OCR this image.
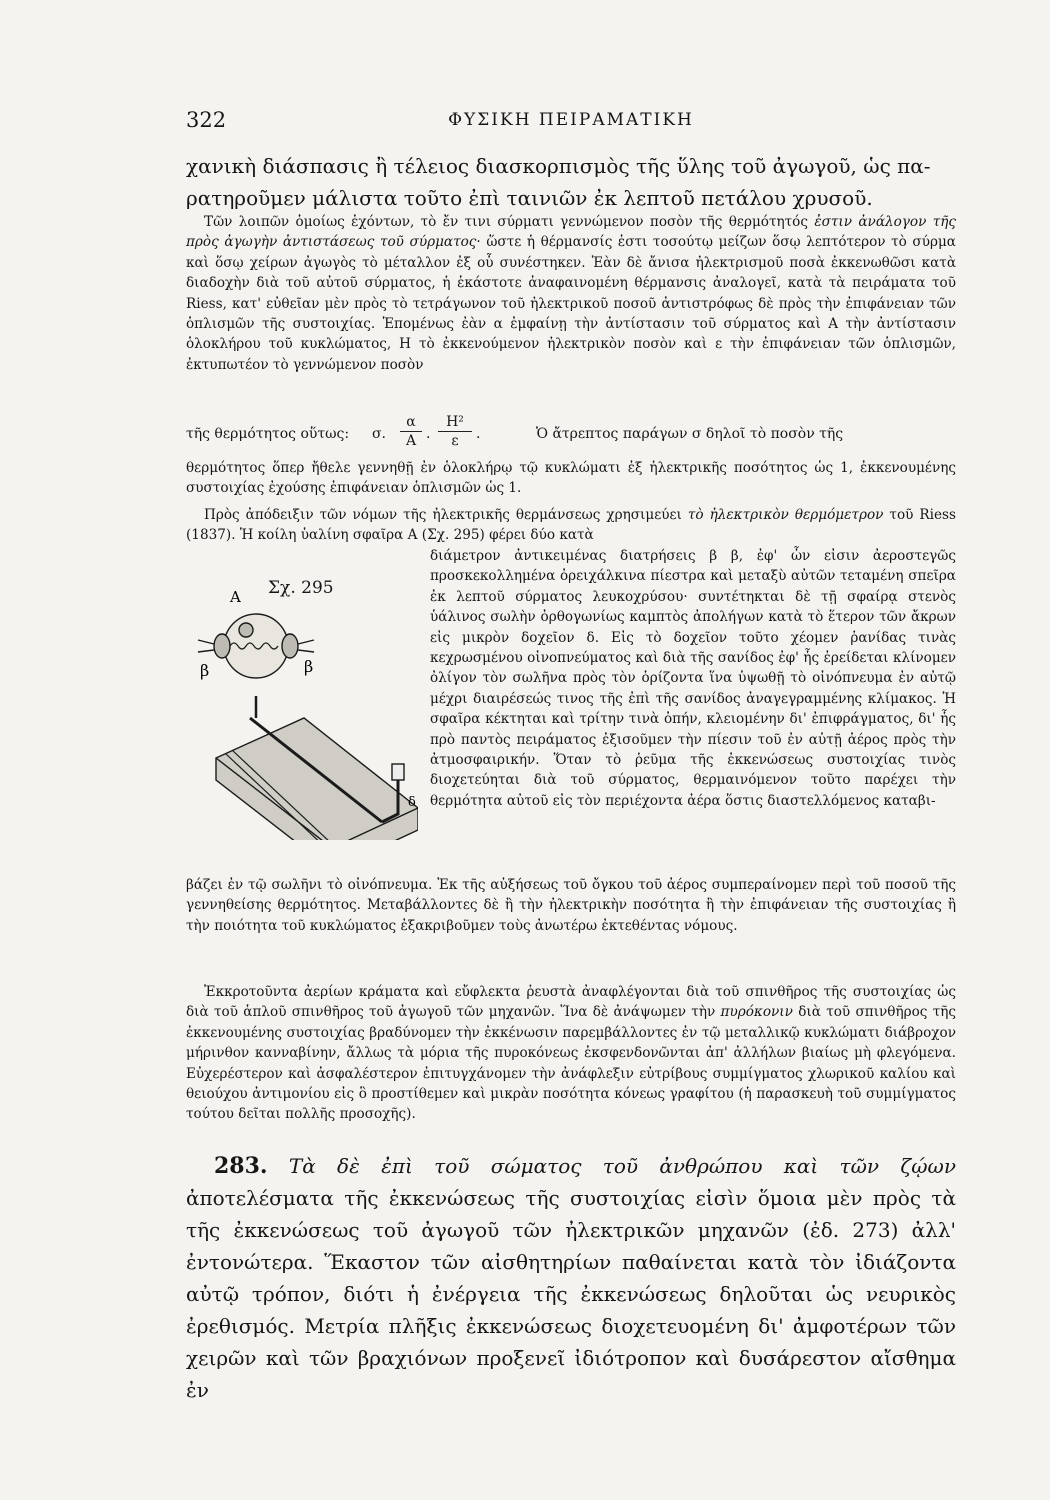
322	ΦΥΣΙΚΗ ΠΕΙΡΑΜΑΤΙΚΗ

χανικὴ διάσπασις ἢ τέλειος διασκορπισμὸς τῆς ὕλης τοῦ ἀγωγοῦ, ὡς πα-

ρατηροῦμεν μάλιστα τοῦτο ἐπὶ ταινιῶν ἐκ λεπτοῦ πετάλου χρυσοῦ.

Τῶν λοιπῶν ὁμοίως ἐχόντων, τὸ ἔν τινι σύρματι γεννώμενον ποσὸν τῆς θερμότητός ἐστιν ἀνάλογον τῆς πρὸς ἀγωγὴν ἀντιστάσεως τοῦ σύρματος· ὥστε ἡ θέρμανσίς ἐστι τοσούτῳ μείζων ὅσῳ λεπτότερον τὸ σύρμα καὶ ὅσῳ χείρων ἀγωγὸς τὸ μέταλλον ἐξ οὗ συνέστηκεν. Ἐὰν δὲ ἄνισα ἠλεκτρισμοῦ ποσὰ ἐκκενωθῶσι κατὰ διαδοχὴν διὰ τοῦ αὐτοῦ σύρματος, ἡ ἑκάστοτε ἀναφαινομένη θέρμανσις ἀναλογεῖ, κατὰ τὰ πειράματα τοῦ Riess, κατ' εὐθεῖαν μὲν πρὸς τὸ τετράγωνον τοῦ ἠλεκτρικοῦ ποσοῦ ἀντιστρόφως δὲ πρὸς τὴν ἐπιφάνειαν τῶν ὁπλισμῶν τῆς συστοιχίας. Ἑπομένως ἐὰν α ἐμφαίνῃ τὴν ἀντίστασιν τοῦ σύρματος καὶ A τὴν ἀντίστασιν ὁλοκλήρου τοῦ κυκλώματος, H τὸ ἐκκενούμενον ἠλεκτρικὸν ποσὸν καὶ ε τὴν ἐπιφάνειαν τῶν ὁπλισμῶν, ἐκτυπωτέον τὸ γεννώμενον ποσὸν

τῆς θερμότητος οὕτως: σ. $\frac{\alpha}{A}$ . $\frac{\text{H²}}{\varepsilon}$ .	Ὁ ἄτρεπτος παράγων σ δηλοῖ τὸ ποσὸν τῆς

θερμότητος ὅπερ ἤθελε γεννηθῇ ἐν ὁλοκλήρῳ τῷ κυκλώματι ἐξ ἠλεκτρικῆς ποσότητος ὡς 1, ἐκκενουμένης συστοιχίας ἐχούσης ἐπιφάνειαν ὁπλισμῶν ὡς 1.

Πρὸς ἀπόδειξιν τῶν νόμων τῆς ἠλεκτρικῆς θερμάνσεως χρησιμεύει τὸ ἠλεκτρικὸν θερμόμετρον τοῦ Riess (1837). Ἡ κοίλη ὑαλίνη σφαῖρα A (Σχ. 295) φέρει δύο κατὰ

Σχ. 295
A
β	β
δ

διάμετρον ἀντικειμένας διατρήσεις β β, ἐφ' ὧν εἰσιν ἀεροστεγῶς προσκεκολλημένα ὀρειχάλκινα πίεστρα καὶ μεταξὺ αὐτῶν τεταμένη σπεῖρα ἐκ λεπτοῦ σύρματος λευκοχρύσου· συντέτηκται δὲ τῇ σφαίρᾳ στενὸς ὑάλινος σωλὴν ὀρθογωνίως καμπτὸς ἀπολήγων κατὰ τὸ ἕτερον τῶν ἄκρων εἰς μικρὸν δοχεῖον δ. Εἰς τὸ δοχεῖον τοῦτο χέομεν ῥανίδας τινὰς κεχρωσμένου οἰνοπνεύματος καὶ διὰ τῆς σανίδος ἐφ' ἧς ἐρείδεται κλίνομεν ὀλίγον τὸν σωλῆνα πρὸς τὸν ὁρίζοντα ἵνα ὑψωθῇ τὸ οἰνόπνευμα ἐν αὐτῷ μέχρι διαιρέσεώς τινος τῆς ἐπὶ τῆς σανίδος ἀναγεγραμμένης κλίμακος. Ἡ σφαῖρα κέκτηται καὶ τρίτην τινὰ ὀπήν, κλειομένην δι' ἐπιφράγματος, δι' ἧς πρὸ παντὸς πειράματος ἐξισοῦμεν τὴν πίεσιν τοῦ ἐν αὐτῇ ἀέρος πρὸς τὴν ἀτμοσφαιρικήν. Ὅταν τὸ ῥεῦμα τῆς ἐκκενώσεως συστοιχίας τινὸς διοχετεύηται διὰ τοῦ σύρματος, θερμαινόμενον τοῦτο παρέχει τὴν θερμότητα αὐτοῦ εἰς τὸν περιέχοντα ἀέρα ὅστις διαστελλόμενος καταβι-

βάζει ἐν τῷ σωλῆνι τὸ οἰνόπνευμα. Ἐκ τῆς αὐξήσεως τοῦ ὄγκου τοῦ ἀέρος συμπεραίνομεν περὶ τοῦ ποσοῦ τῆς γεννηθείσης θερμότητος. Μεταβάλλοντες δὲ ἢ τὴν ἠλεκτρικὴν ποσότητα ἢ τὴν ἐπιφάνειαν τῆς συστοιχίας ἢ τὴν ποιότητα τοῦ κυκλώματος ἐξακριβοῦμεν τοὺς ἀνωτέρω ἐκτεθέντας νόμους.

Ἐκκροτοῦντα ἀερίων κράματα καὶ εὔφλεκτα ῥευστὰ ἀναφλέγονται διὰ τοῦ σπινθῆρος τῆς συστοιχίας ὡς διὰ τοῦ ἁπλοῦ σπινθῆρος τοῦ ἀγωγοῦ τῶν μηχανῶν. Ἵνα δὲ ἀνάψωμεν τὴν πυρόκονιν διὰ τοῦ σπινθῆρος τῆς ἐκκενουμένης συστοιχίας βραδύνομεν τὴν ἐκκένωσιν παρεμβάλλοντες ἐν τῷ μεταλλικῷ κυκλώματι διάβροχον μήρινθον κανναβίνην, ἄλλως τὰ μόρια τῆς πυροκόνεως ἐκσφενδονῶνται ἀπ' ἀλλήλων βιαίως μὴ φλεγόμενα. Εὐχερέστερον καὶ ἀσφαλέστερον ἐπιτυγχάνομεν τὴν ἀνάφλεξιν εὐτρίβους συμμίγματος χλωρικοῦ καλίου καὶ θειούχου ἀντιμονίου εἰς ὃ προστίθεμεν καὶ μικρὰν ποσότητα κόνεως γραφίτου (ἡ παρασκευὴ τοῦ συμμίγματος τούτου δεῖται πολλῆς προσοχῆς).

283. Τὰ δὲ ἐπὶ τοῦ σώματος τοῦ ἀνθρώπου καὶ τῶν ζῴων ἀποτελέσματα τῆς ἐκκενώσεως τῆς συστοιχίας εἰσὶν ὅμοια μὲν πρὸς τὰ τῆς ἐκκενώσεως τοῦ ἀγωγοῦ τῶν ἠλεκτρικῶν μηχανῶν (ἐδ. 273) ἀλλ' ἐντονώτερα. Ἕκαστον τῶν αἰσθητηρίων παθαίνεται κατὰ τὸν ἰδιάζοντα αὐτῷ τρόπον, διότι ἡ ἐνέργεια τῆς ἐκκενώσεως δηλοῦται ὡς νευρικὸς ἐρεθισμός. Μετρία πλῆξις ἐκκενώσεως διοχετευομένη δι' ἀμφοτέρων τῶν χειρῶν καὶ τῶν βραχιόνων προξενεῖ ἰδιότροπον καὶ δυσάρεστον αἴσθημα ἐν
